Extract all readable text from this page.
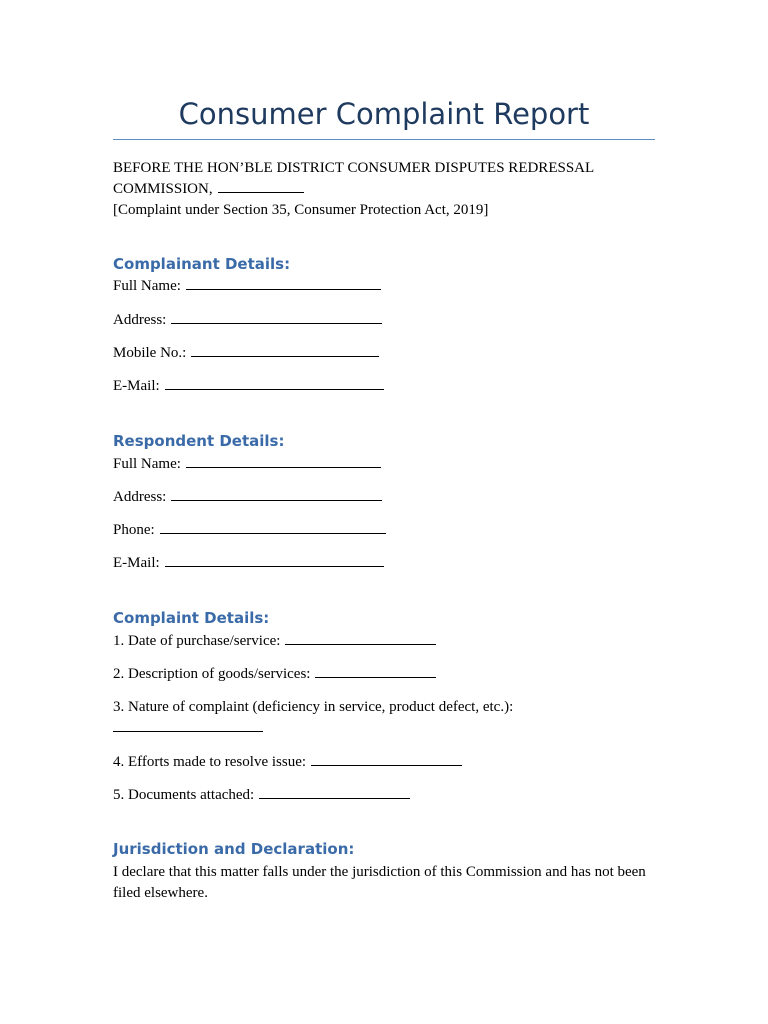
Consumer Complaint Report
BEFORE THE HON’BLE DISTRICT CONSUMER DISPUTES REDRESSAL
COMMISSION,
[Complaint under Section 35, Consumer Protection Act, 2019]
Complainant Details:
Full Name:
Address:
Mobile No.:
E-Mail:
Respondent Details:
Full Name:
Address:
Phone:
E-Mail:
Complaint Details:
1. Date of purchase/service:
2. Description of goods/services:
3. Nature of complaint (deficiency in service, product defect, etc.):
4. Efforts made to resolve issue:
5. Documents attached:
Jurisdiction and Declaration:
I declare that this matter falls under the jurisdiction of this Commission and has not been
filed elsewhere.
